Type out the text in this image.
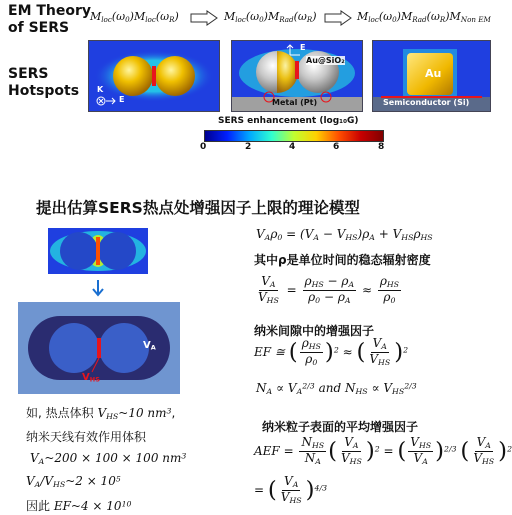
EM Theory
of SERS
$M_{loc}(\omega_0)M_{loc}(\omega_R)$	$M_{loc}(\omega_0)M_{Rad}(\omega_R)$	$M_{loc}(\omega_0)M_{Rad}(\omega_R)M_{Non EM}$
SERS
Hotspots K
E
E
Au@SiO₂
Metal (Pt)
Au
Semiconductor (Si)
SERS enhancement (log₁₀G)
0	2	4	6	8
提出估算SERS热点处增强因子上限的理论模型
$V_A$
$V_{HS}$
如, 热点体积 $V_{HS}\sim 10$ $nm^3$,
纳米天线有效作用体积
$V_A\sim 200 \times 100 \times 100$ $nm^3$
$V_A/V_{HS}\sim 2 \times 10^5$
因此 EF~4 × $10^{10}$
$V_A\rho_0 = (V_A - V_{HS})\rho_A + V_{HS}\rho_{HS}$
其中ρ是单位时间的稳态辐射密度
$\frac{V_A}{V_{HS}} = \frac{\rho_{HS} - \rho_A}{\rho_0 - \rho_A} \approx \frac{\rho_{HS}}{\rho_0}$
纳米间隙中的增强因子
EF ≅ ( $\frac{\rho_{HS}}{\rho_0} )^2$ ≈ ( $\frac{V_A}{V_{HS}} )^2$
$N_A \propto V_A^{2/3}$ and $N_{HS} \propto V_{HS}^{2/3}$
纳米粒子表面的平均增强因子
AEF = $\frac{N_{HS}}{N_A}$ ( $\frac{V_A}{V_{HS}} )^2$ = ( $\frac{V_{HS}}{V_A} )^{2/3}$ ( $\frac{V_A}{V_{HS}} )^2$
= ( $\frac{V_A}{V_{HS}} )^{4/3}$
